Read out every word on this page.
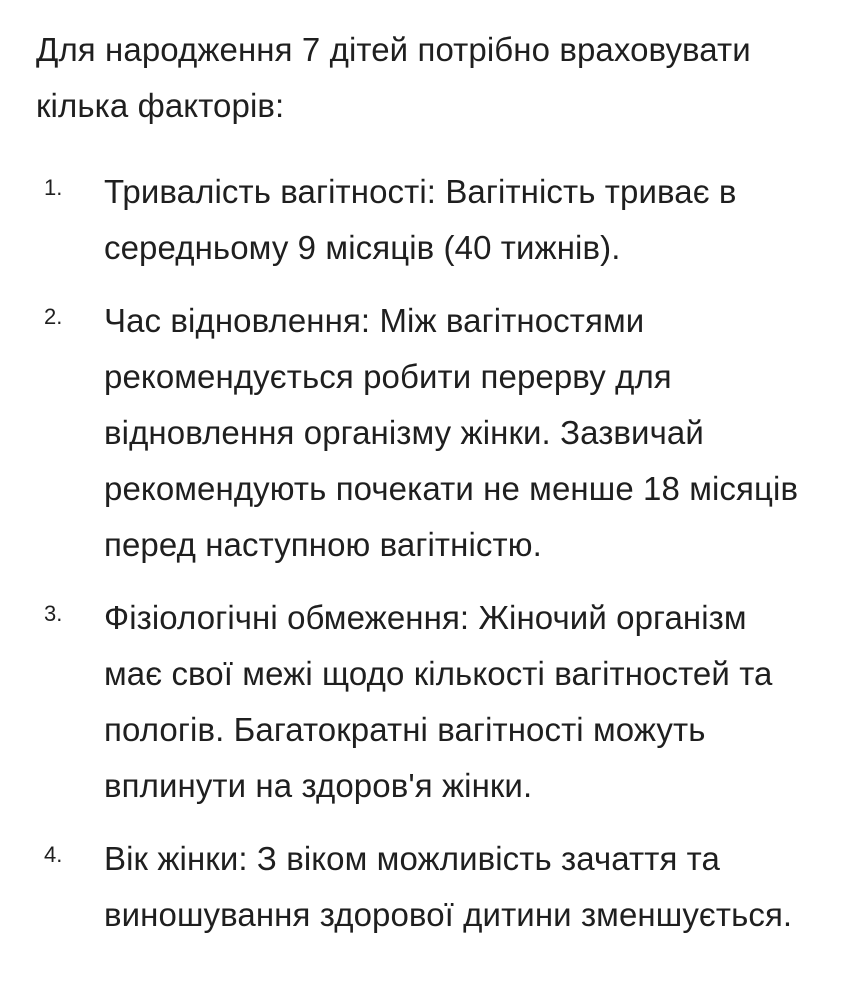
Для народження 7 дітей потрібно враховувати кілька факторів:

1.	Тривалість вагітності: Вагітність триває в середньому 9 місяців (40 тижнів).
2.	Час відновлення: Між вагітностями рекомендується робити перерву для відновлення організму жінки. Зазвичай рекомендують почекати не менше 18 місяців перед наступною вагітністю.
3.	Фізіологічні обмеження: Жіночий організм має свої межі щодо кількості вагітностей та пологів. Багатократні вагітності можуть вплинути на здоров'я жінки.
4.	Вік жінки: З віком можливість зачаття та виношування здорової дитини зменшується.
